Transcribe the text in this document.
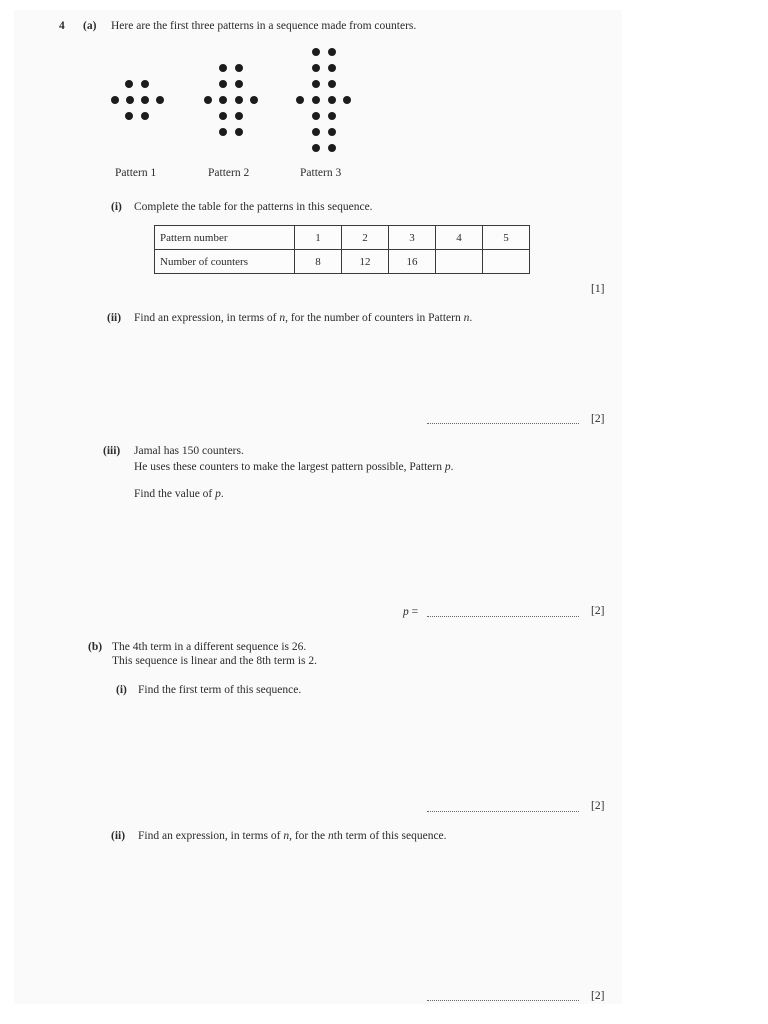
4 (a) Here are the first three patterns in a sequence made from counters.
Pattern 1	Pattern 2	Pattern 3
(i) Complete the table for the patterns in this sequence.
Pattern number	1	2	3	4	5
Number of counters	8	12	16		
[1]
(ii) Find an expression, in terms of n, for the number of counters in Pattern n.
[2]
(iii) Jamal has 150 counters.
He uses these counters to make the largest pattern possible, Pattern p.
Find the value of p.
p =	[2]
(b) The 4th term in a different sequence is 26.
This sequence is linear and the 8th term is 2.
(i) Find the first term of this sequence.
[2]
(ii) Find an expression, in terms of n, for the nth term of this sequence.
[2]
